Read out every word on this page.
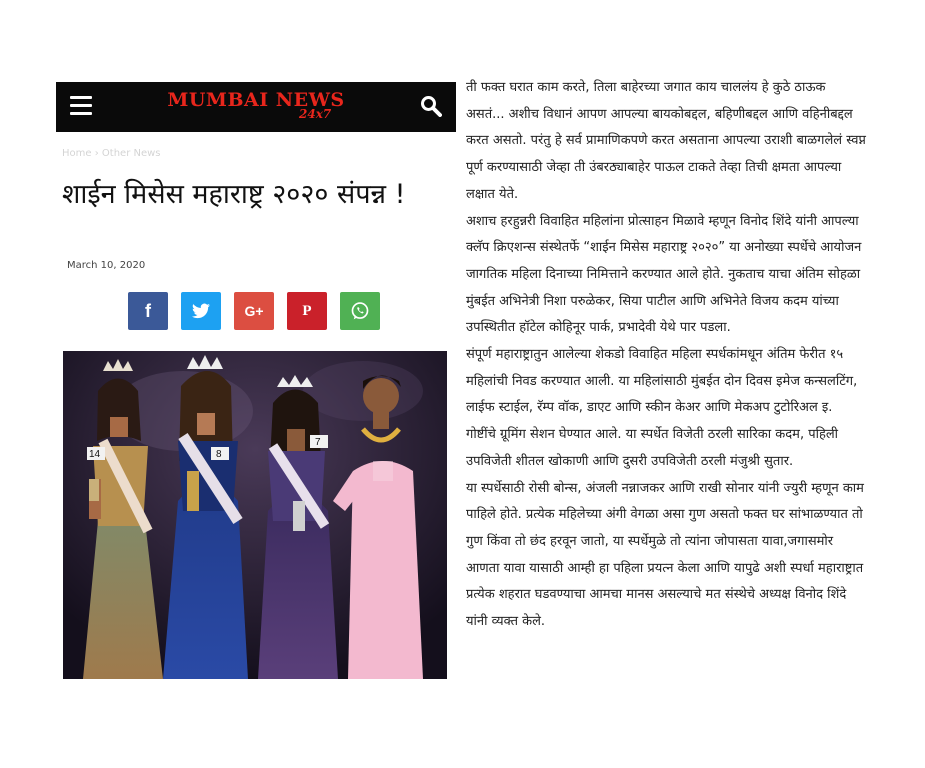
MUMBAI NEWS
24x7
Home › Other News
शाईन मिसेस महाराष्ट्र २०२० संपन्न !
March 10, 2020
f	G+	P
14	8
7

ती फक्त घरात काम करते, तिला बाहेरच्या जगात काय चाललंय हे कुठे ठाऊक असतं... अशीच विधानं आपण आपल्या बायकोबद्दल, बहिणीबद्दल आणि वहिनीबद्दल करत असतो. परंतु हे सर्व प्रामाणिकपणे करत असताना आपल्या उराशी बाळगलेलं स्वप्न पूर्ण करण्यासाठी जेव्हा ती उंबरठ्याबाहेर पाऊल टाकते तेव्हा तिची क्षमता आपल्या लक्षात येते.

अशाच हरहुन्नरी विवाहित महिलांना प्रोत्साहन मिळावे म्हणून विनोद शिंदे यांनी आपल्या क्लॅप क्रिएशन्स संस्थेतर्फे “शाईन मिसेस महाराष्ट्र २०२०” या अनोख्या स्पर्धेचे आयोजन जागतिक महिला दिनाच्या निमित्ताने करण्यात आले होते. नुकताच याचा अंतिम सोहळा मुंबईत अभिनेत्री निशा परुळेकर, सिया पाटील आणि अभिनेते विजय कदम यांच्या उपस्थितीत हॉटेल कोहिनूर पार्क, प्रभादेवी येथे पार पडला.

संपूर्ण महाराष्ट्रातुन आलेल्या शेकडो विवाहित महिला स्पर्धकांमधून अंतिम फेरीत १५ महिलांची निवड करण्यात आली. या महिलांसाठी मुंबईत दोन दिवस इमेज कन्सलटिंग, लाईफ स्टाईल, रॅम्प वॉक, डाएट आणि स्कीन केअर आणि मेकअप टुटोरिअल इ. गोष्टींचे ग्रूमिंग सेशन घेण्यात आले. या स्पर्धेत विजेती ठरली सारिका कदम, पहिली उपविजेती शीतल खोकाणी आणि दुसरी उपविजेती ठरली मंजुश्री सुतार.

या स्पर्धेसाठी रोसी बोन्स, अंजली नन्नाजकर आणि राखी सोनार यांनी ज्युरी म्हणून काम पाहिले होते. प्रत्येक महिलेच्या अंगी वेगळा असा गुण असतो फक्त घर सांभाळण्यात तो गुण किंवा तो छंद हरवून जातो, या स्पर्धेमुळे तो त्यांना जोपासता यावा,जगासमोर आणता यावा यासाठी आम्ही हा पहिला प्रयत्न केला आणि यापुढे अशी स्पर्धा महाराष्ट्रात प्रत्येक शहरात घडवण्याचा आमचा मानस असल्याचे मत संस्थेचे अध्यक्ष विनोद शिंदे यांनी व्यक्त केले.
